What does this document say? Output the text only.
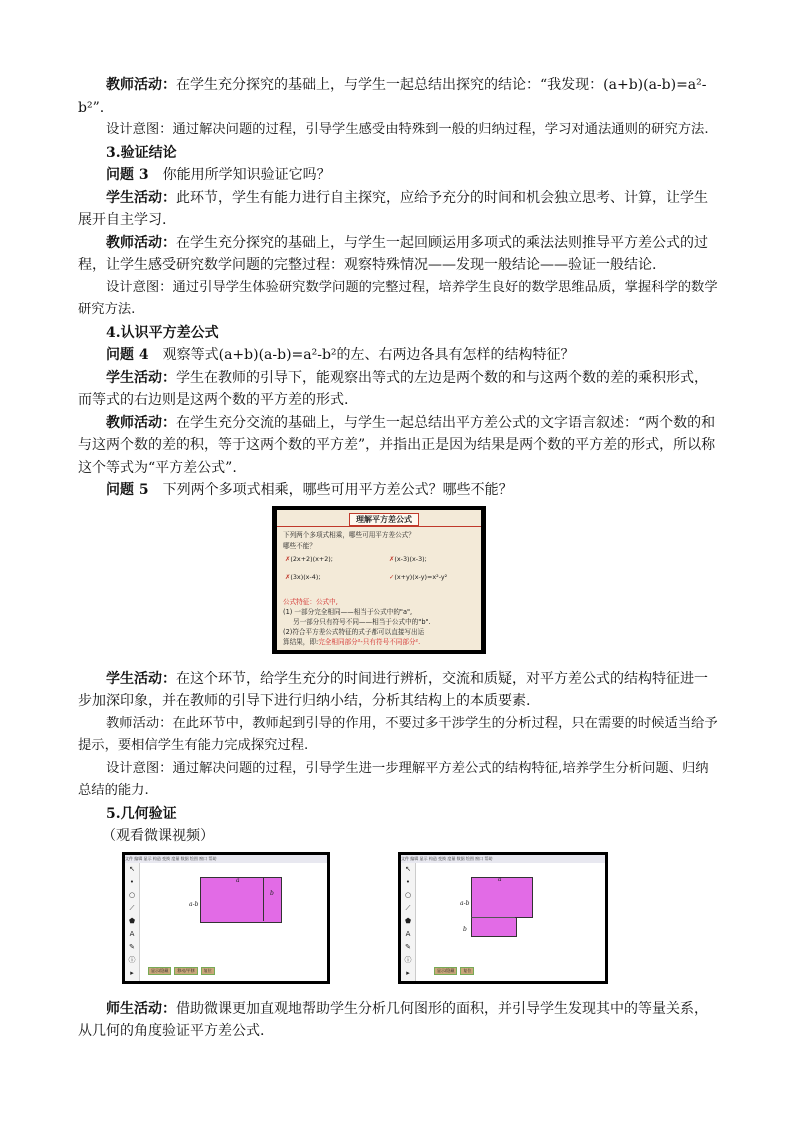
教师活动：在学生充分探究的基础上，与学生一起总结出探究的结论：“我发现：(a+b)(a-b)=a²-b²”.

设计意图：通过解决问题的过程，引导学生感受由特殊到一般的归纳过程，学习对通法通则的研究方法.

3.验证结论

问题 3　 你能用所学知识验证它吗？

学生活动：此环节，学生有能力进行自主探究，应给予充分的时间和机会独立思考、计算，让学生展开自主学习.

教师活动：在学生充分探究的基础上，与学生一起回顾运用多项式的乘法法则推导平方差公式的过程，让学生感受研究数学问题的完整过程：观察特殊情况——发现一般结论——验证一般结论.

设计意图：通过引导学生体验研究数学问题的完整过程，培养学生良好的数学思维品质，掌握科学的数学研究方法.

4.认识平方差公式

问题 4　 观察等式(a+b)(a-b)=a²-b²的左、右两边各具有怎样的结构特征？

学生活动：学生在教师的引导下，能观察出等式的左边是两个数的和与这两个数的差的乘积形式，而等式的右边则是这两个数的平方差的形式.

教师活动：在学生充分交流的基础上，与学生一起总结出平方差公式的文字语言叙述：“两个数的和与这两个数的差的积，等于这两个数的平方差”，并指出正是因为结果是两个数的平方差的形式，所以称这个等式为“平方差公式”.

问题 5　 下列两个多项式相乘，哪些可用平方差公式？哪些不能？

理解平方差公式
下列两个多项式相乘，哪些可用平方差公式？
哪些不能？
✗(2x+2)(x+2);	✗(x-3)(x-3);
✗(3x)(x-4);	✓(x+y)(x-y)=x²-y²
公式特征：公式中,
(1) 一部分完全相同——相当于公式中的"a",
另一部分只有符号不同——相当于公式中的"b".
(2)符合平方差公式特征的式子都可以直接写出运
算结果，即:完全相同部分²-只有符号不同部分².

学生活动：在这个环节，给学生充分的时间进行辨析，交流和质疑，对平方差公式的结构特征进一步加深印象，并在教师的引导下进行归纳小结，分析其结构上的本质要素.

教师活动：在此环节中，教师起到引导的作用，不要过多干涉学生的分析过程，只在需要的时候适当给予提示，要相信学生有能力完成探究过程.

设计意图：通过解决问题的过程，引导学生进一步理解平方差公式的结构特征,培养学生分析问题、归纳总结的能力.

5.几何验证

（观看微课视频）

文件 编辑 显示 构造 变换 度量 数据 绘图 窗口 帮助
↖
•
○
⟋
⬟
A
✎
ⓘ
▸
a-b
a
b
显示/隐藏 移动/平移 复位
文件 编辑 显示 构造 变换 度量 数据 绘图 窗口 帮助
↖
•
○
⟋
⬟
A
✎
ⓘ
▸
a-b
a
b
显示/隐藏 复位

师生活动：借助微课更加直观地帮助学生分析几何图形的面积，并引导学生发现其中的等量关系，从几何的角度验证平方差公式.
